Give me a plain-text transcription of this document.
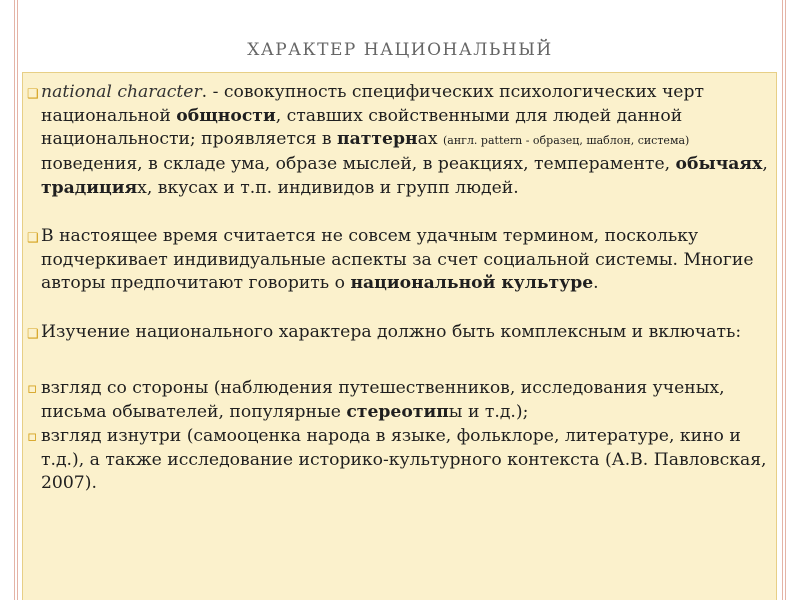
ХАРАКТЕР НАЦИОНАЛЬНЫЙ
❑ national character. - совокупность специфических психологических черт национальной общности, ставших свойственными для людей данной национальности; проявляется в паттернах (англ. pattern - образец, шаблон, система) поведения, в складе ума, образе мыслей, в реакциях, темпераменте, обычаях, традициях, вкусах и т.п. индивидов и групп людей.
❑ В настоящее время считается не совсем удачным термином, поскольку подчеркивает индивидуальные аспекты за счет социальной системы. Многие авторы предпочитают говорить о национальной культуре.
❑ Изучение национального характера должно быть комплексным и включать:
▫ взгляд со стороны (наблюдения путешественников, исследования ученых, письма обывателей, популярные стереотипы и т.д.);
▫ взгляд изнутри (самооценка народа в языке, фольклоре, литературе, кино и т.д.), а также исследование историко-культурного контекста (А.В. Павловская, 2007).
